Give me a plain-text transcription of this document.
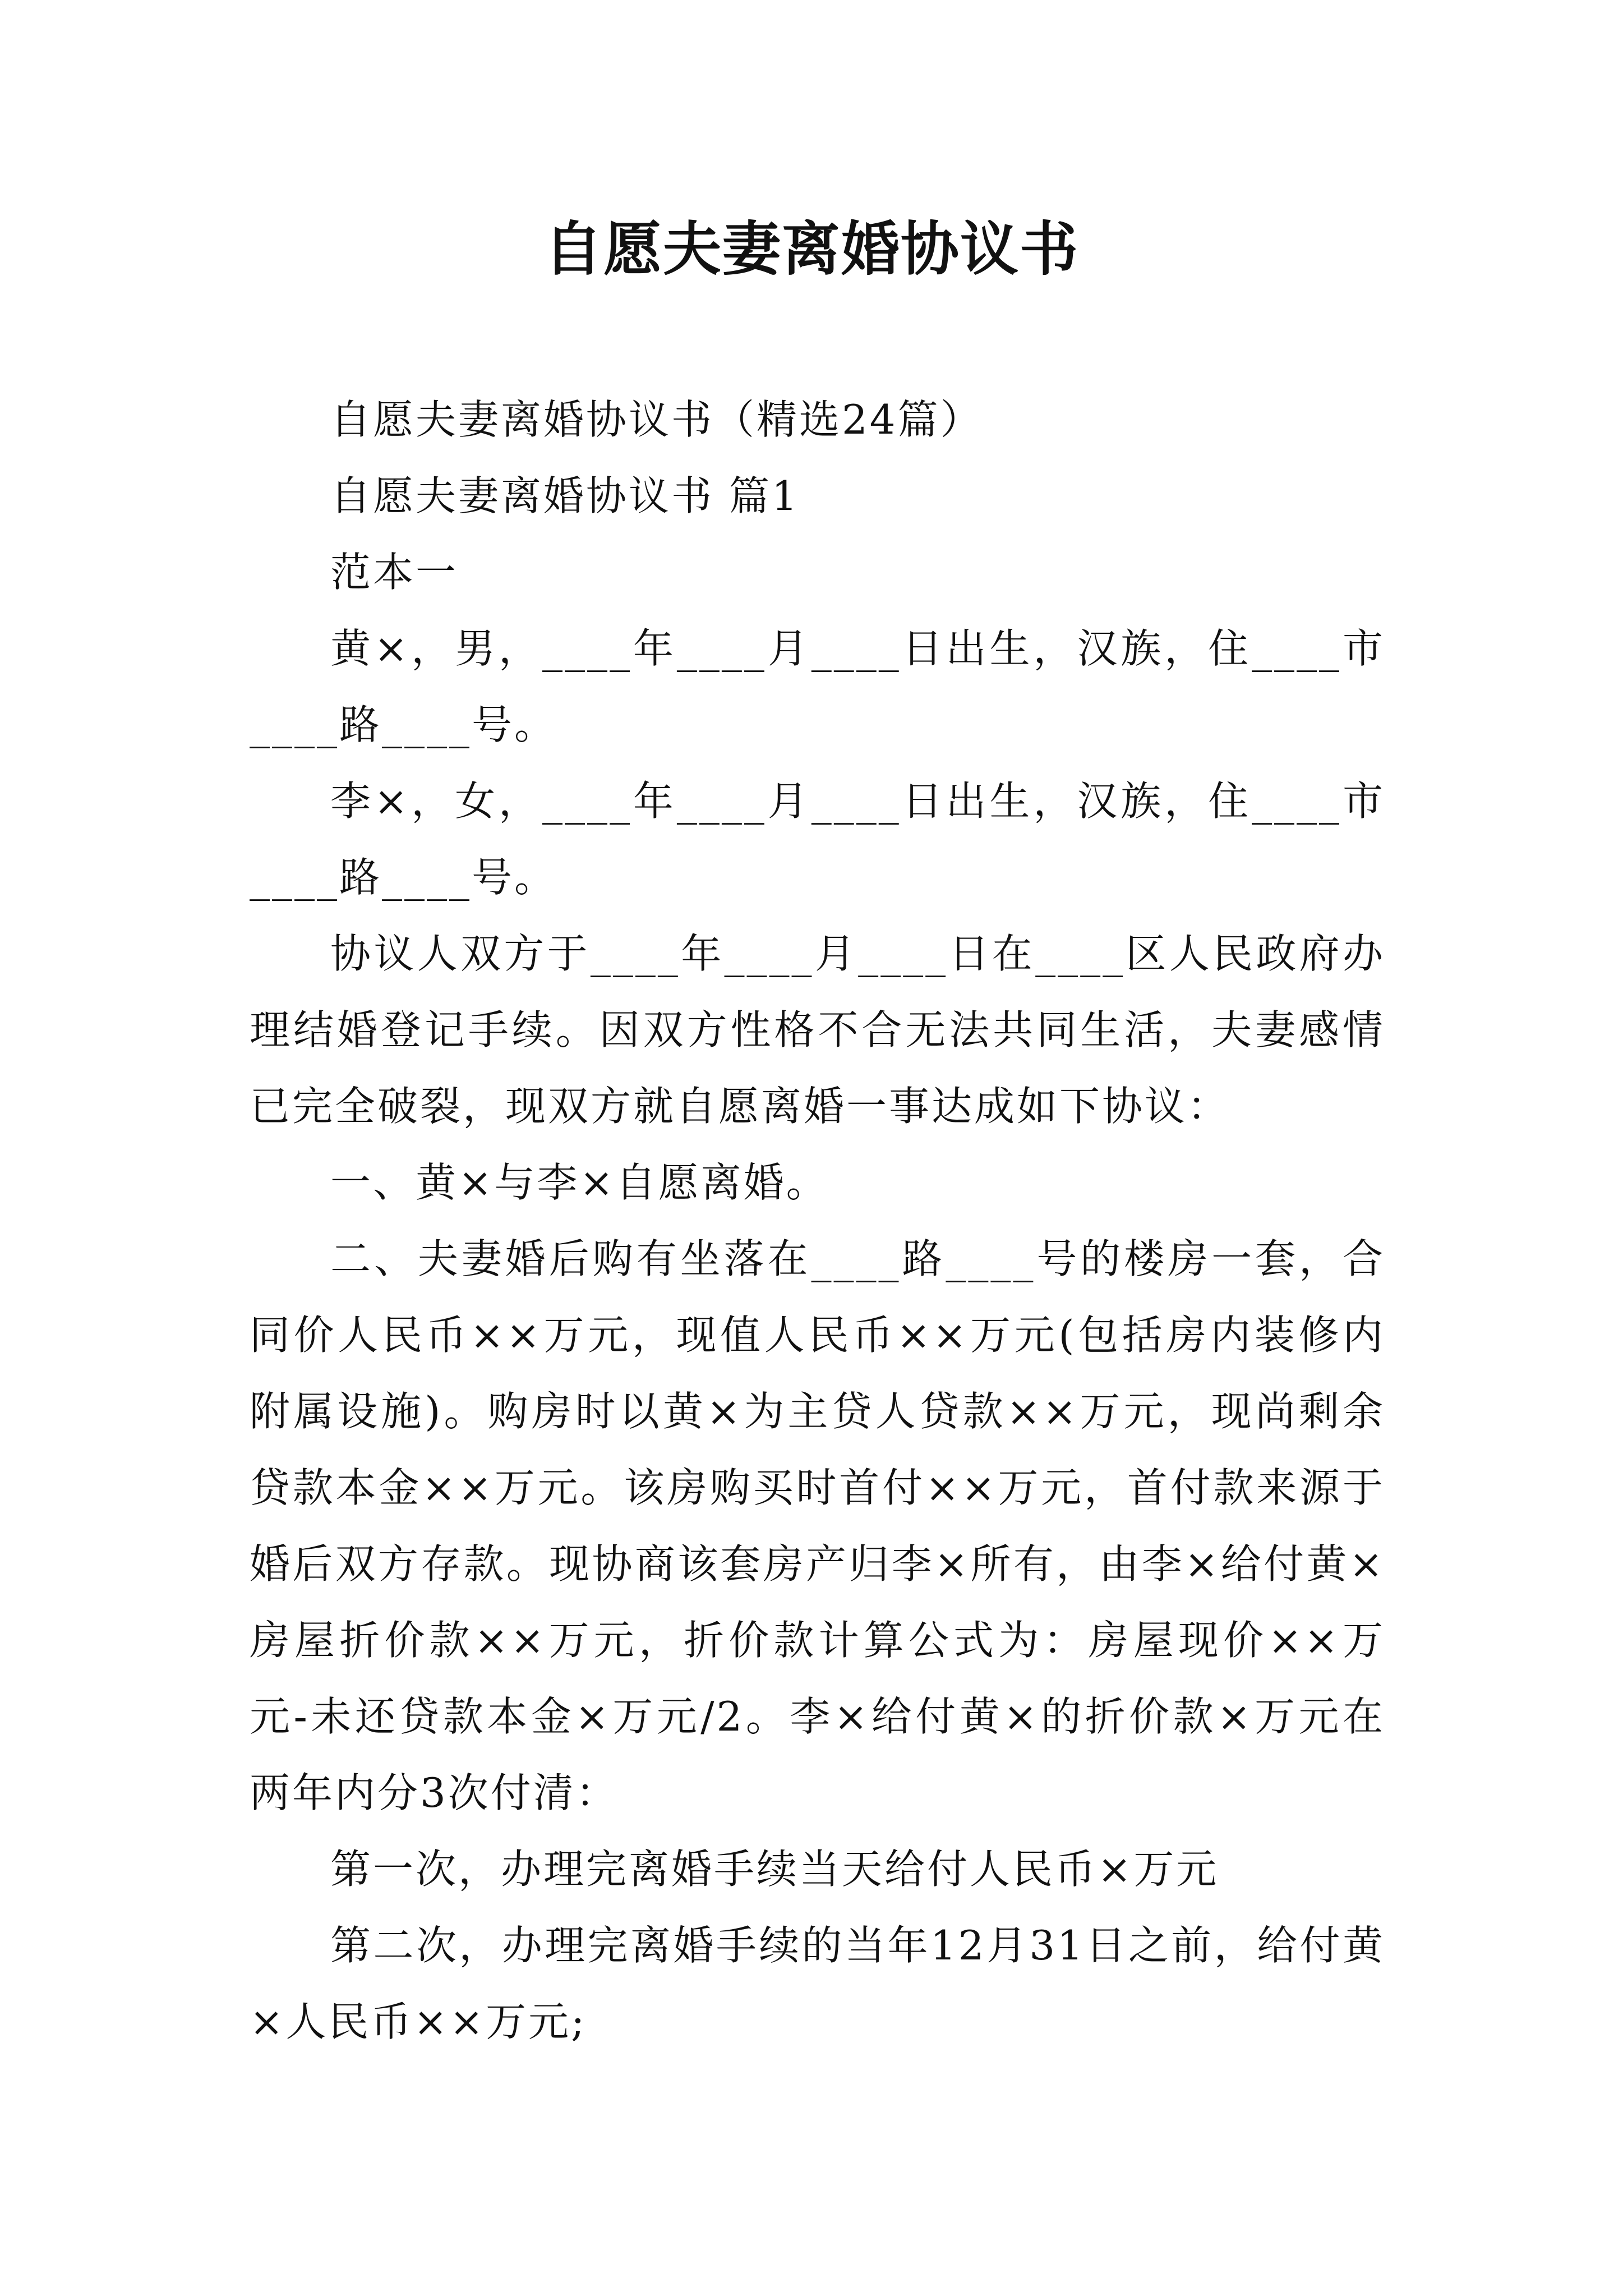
自愿夫妻离婚协议书

自愿夫妻离婚协议书（精选24篇）

自愿夫妻离婚协议书 篇1

范本一

黄×，男，____年____月____日出生，汉族，住____市____路____号。

李×，女，____年____月____日出生，汉族，住____市____路____号。

协议人双方于____年____月____日在____区人民政府办理结婚登记手续。因双方性格不合无法共同生活，夫妻感情已完全破裂，现双方就自愿离婚一事达成如下协议：

一、黄×与李×自愿离婚。

二、夫妻婚后购有坐落在____路____号的楼房一套，合同价人民币××万元，现值人民币××万元(包括房内装修内附属设施)。购房时以黄×为主贷人贷款××万元，现尚剩余贷款本金××万元。该房购买时首付××万元，首付款来源于婚后双方存款。现协商该套房产归李×所有，由李×给付黄×房屋折价款××万元，折价款计算公式为：房屋现价××万元-未还贷款本金×万元/2。李×给付黄×的折价款×万元在两年内分3次付清：

第一次，办理完离婚手续当天给付人民币×万元

第二次，办理完离婚手续的当年12月31日之前，给付黄×人民币××万元;
